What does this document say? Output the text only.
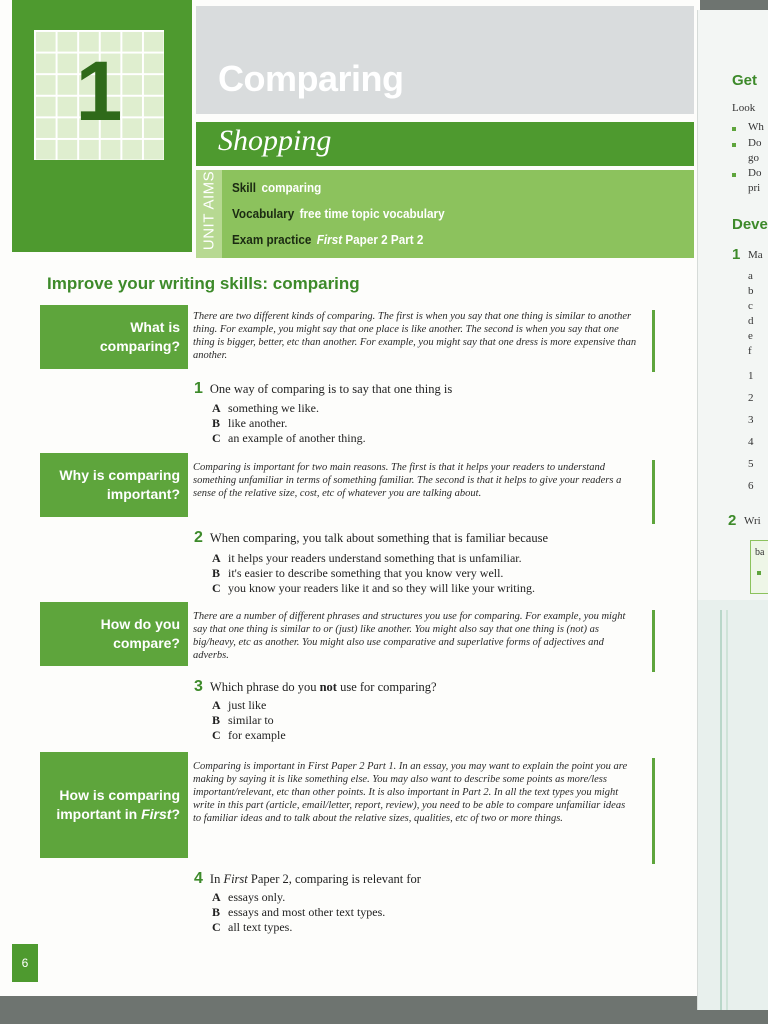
1	Comparing
Shopping
UNIT AIMS Skill comparing
Vocabulary free time topic vocabulary
Exam practice First Paper 2 Part 2
Improve your writing skills: comparing
What is comparing?
There are two different kinds of comparing. The first is when you say that one thing is similar to another thing. For example, you might say that one place is like another. The second is when you say that one thing is bigger, better, etc than another. For example, you might say that one dress is more expensive than another.
1 One way of comparing is to say that one thing is
A something we like.
B like another.
C an example of another thing.
Why is comparing
important?
Comparing is important for two main reasons. The first is that it helps your readers to understand something unfamiliar in terms of something familiar. The second is that it helps to give your readers a sense of the relative size, cost, etc of whatever you are talking about.
2 When comparing, you talk about something that is familiar because
A it helps your readers understand something that is unfamiliar.
B it's easier to describe something that you know very well.
C you know your readers like it and so they will like your writing.
How do you
compare?
There are a number of different phrases and structures you use for comparing. For example, you might say that one thing is similar to or (just) like another. You might also say that one thing is (not) as big/heavy, etc as another. You might also use comparative and superlative forms of adjectives and adverbs.
3 Which phrase do you not use for comparing?
A just like
B similar to
C for example
How is comparing
important in First?
Comparing is important in First Paper 2 Part 1. In an essay, you may want to explain the point you are making by saying it is like something else. You may also want to describe some points as more/less important/relevant, etc than other points. It is also important in Part 2. In all the text types you might write in this part (article, email/letter, report, review), you need to be able to compare unfamiliar ideas to familiar ideas and to talk about the relative sizes, qualities, etc of two or more things.
4 In First Paper 2, comparing is relevant for
A essays only.
B essays and most other text types.
C all text types.
6
Get
Look
Wh
Do
go
Do
pri
Deve
1 Ma
a
b
c
d
e
f
1
2
3
4
5
6
2 Wri
ba
